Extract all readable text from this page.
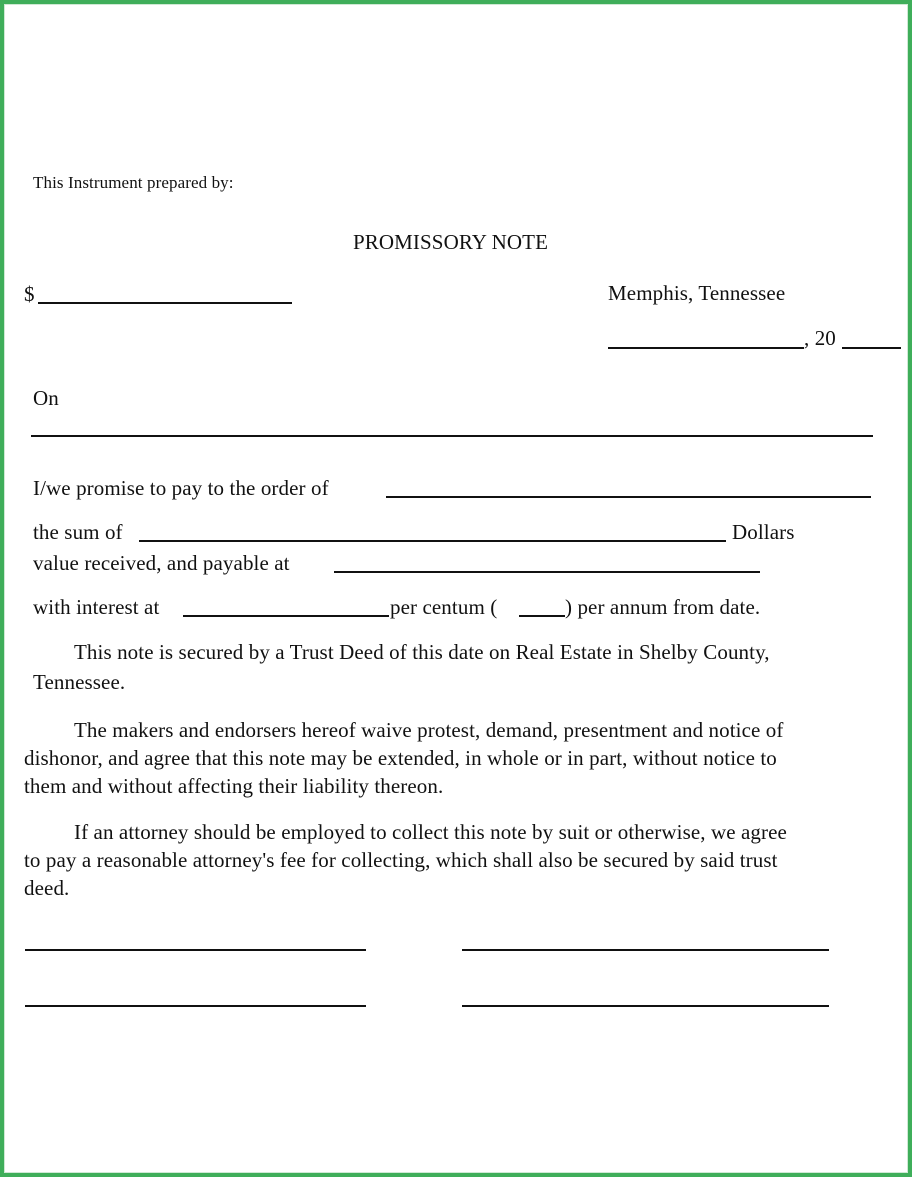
This Instrument prepared by:
PROMISSORY NOTE
$	Memphis, Tennessee
, 20
On
I/we promise to pay to the order of
the sum of	Dollars
value received, and payable at
with interest at	per centum (	) per annum from date.
This note is secured by a Trust Deed of this date on Real Estate in Shelby County,
Tennessee.
The makers and endorsers hereof waive protest, demand, presentment and notice of
dishonor, and agree that this note may be extended, in whole or in part, without notice to
them and without affecting their liability thereon.
If an attorney should be employed to collect this note by suit or otherwise, we agree
to pay a reasonable attorney's fee for collecting, which shall also be secured by said trust
deed.
